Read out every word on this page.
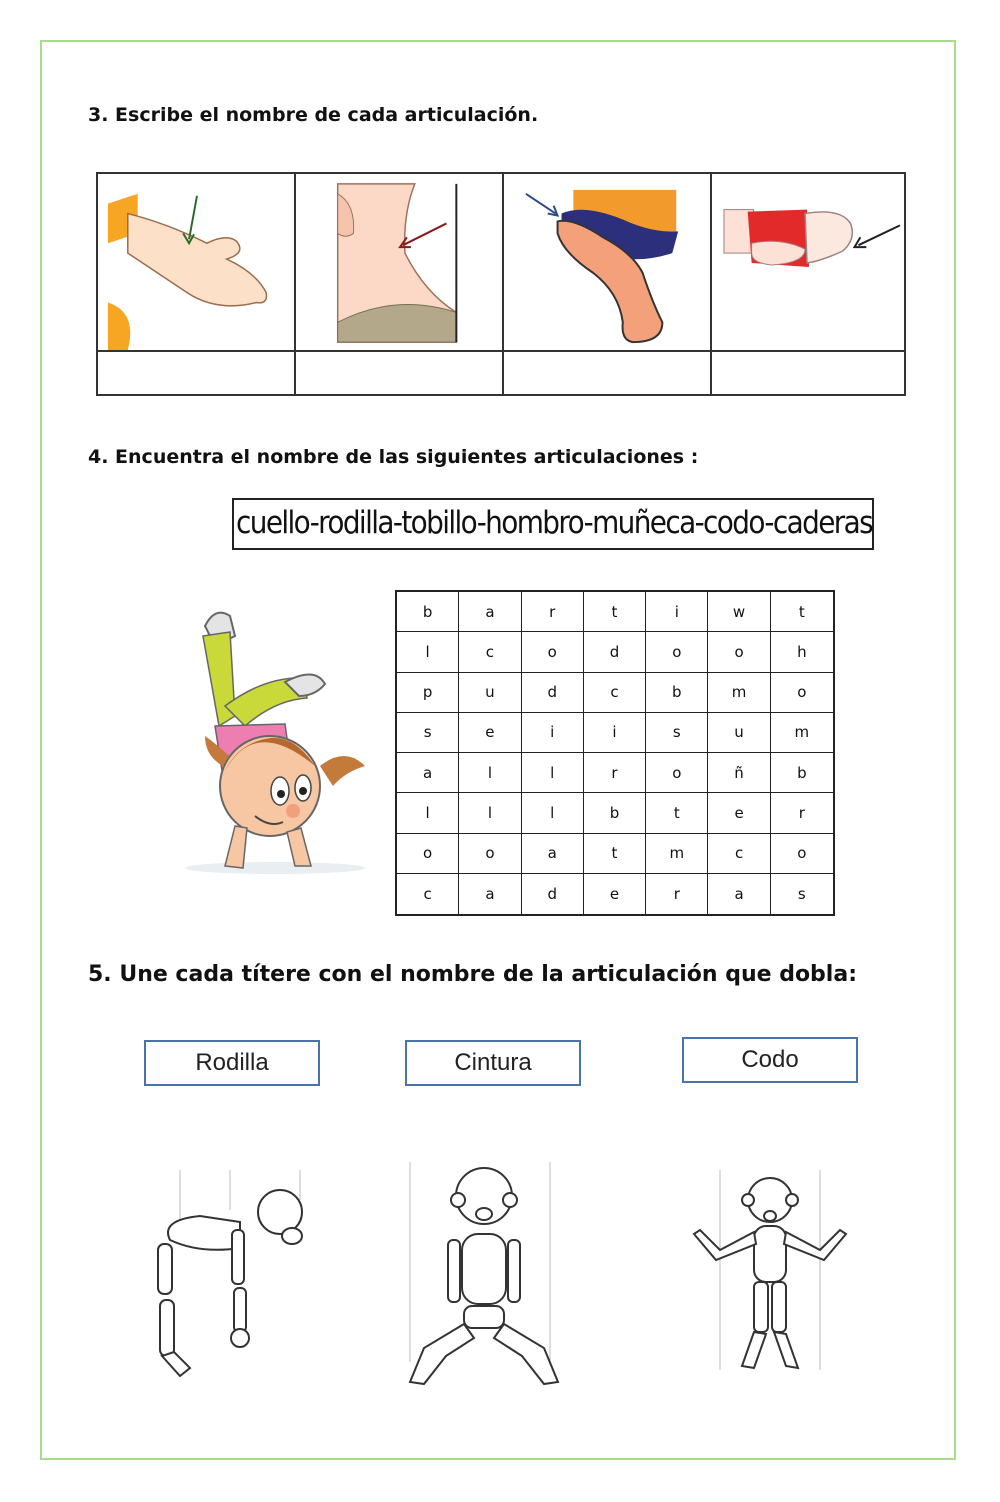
3. Escribe el nombre de cada articulación.

4. Encuentra el nombre de las siguientes articulaciones :

cuello-rodilla-tobillo-hombro-muñeca-codo-caderas
b	a	r	t	i	w	t
l	c	o	d	o	o	h
p	u	d	c	b	m	o
s	e	i	i	s	u	m
a	l	l	r	o	ñ	b
l	l	l	b	t	e	r
o	o	a	t	m	c	o
c	a	d	e	r	a	s

5. Une cada títere con el nombre de la articulación que dobla:

Rodilla	Cintura	Codo
